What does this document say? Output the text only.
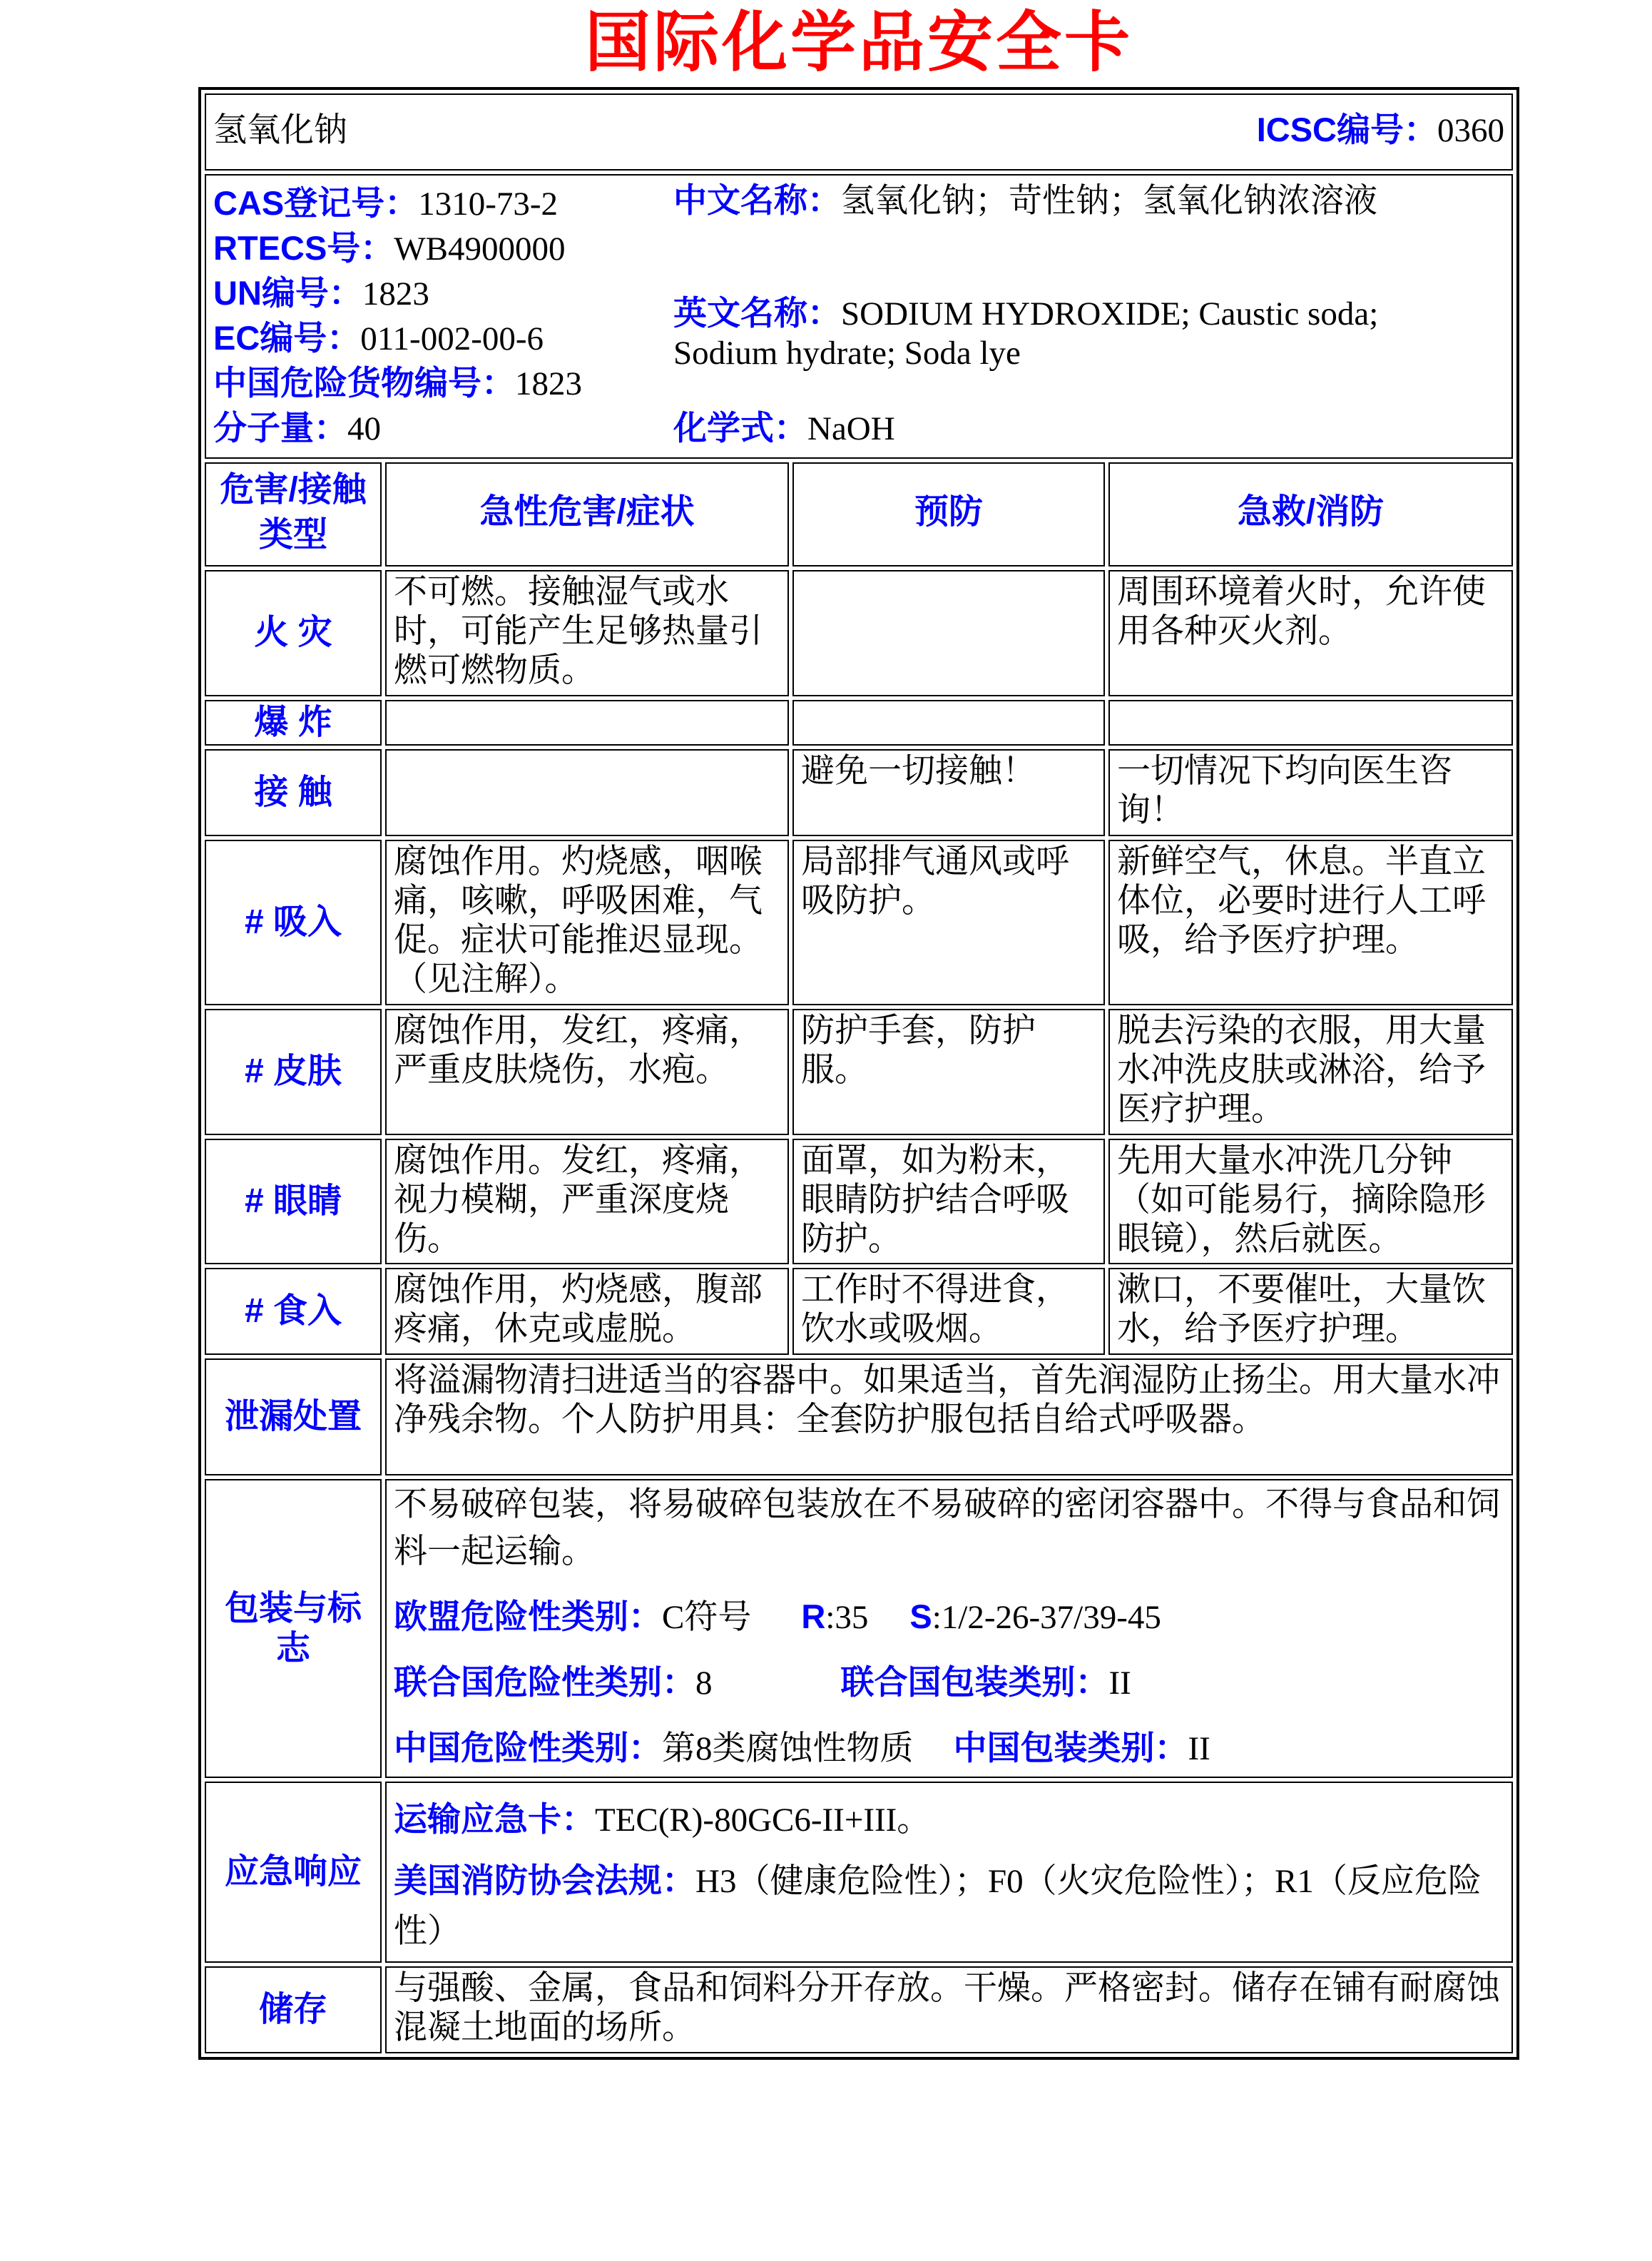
国际化学品安全卡
氢氧化钠 ICSC编号：0360			

CAS登记号：1310-73-2
RTECS号：WB4900000
UN编号：1823
EC编号：011-002-00-6
中国危险货物编号：1823
分子量：40
中文名称：氢氧化钠；苛性钠；氢氧化钠浓溶液
英文名称：SODIUM HYDROXIDE; Caustic soda; Sodium hydrate; Soda lye
化学式：NaOH

危害/接触
类型	急性危害/症状	预防	急救/消防
火 灾	不可燃。接触湿气或水时，可能产生足够热量引燃可燃物质。		周围环境着火时，允许使用各种灭火剂。
爆 炸			
接 触		避免一切接触！	一切情况下均向医生咨询！
# 吸入	腐蚀作用。灼烧感，咽喉痛，咳嗽，呼吸困难，气促。症状可能推迟显现。（见注解）。	局部排气通风或呼吸防护。	新鲜空气，休息。半直立体位，必要时进行人工呼吸，给予医疗护理。
# 皮肤	腐蚀作用，发红，疼痛，严重皮肤烧伤，水疱。	防护手套，防护服。	脱去污染的衣服，用大量水冲洗皮肤或淋浴，给予医疗护理。
# 眼睛	腐蚀作用。发红，疼痛，视力模糊，严重深度烧伤。	面罩，如为粉末，眼睛防护结合呼吸防护。	先用大量水冲洗几分钟（如可能易行，摘除隐形眼镜），然后就医。
# 食入	腐蚀作用，灼烧感，腹部疼痛，休克或虚脱。	工作时不得进食，饮水或吸烟。	漱口，不要催吐，大量饮水，给予医疗护理。
泄漏处置	将溢漏物清扫进适当的容器中。如果适当，首先润湿防止扬尘。用大量水冲净残余物。个人防护用具：全套防护服包括自给式呼吸器。		
包装与标志	不易破碎包装，将易破碎包装放在不易破碎的密闭容器中。不得与食品和饲料一起运输。
欧盟危险性类别：C符号 R:35 S:1/2-26-37/39-45
联合国危险性类别：8 联合国包装类别：II
中国危险性类别：第8类腐蚀性物质 中国包装类别：II		

应急响应	运输应急卡：TEC(R)-80GC6-II+III。
美国消防协会法规：H3（健康危险性）；F0（火灾危险性）；R1（反应危险性）		

储存	与强酸、金属，食品和饲料分开存放。干燥。严格密封。储存在铺有耐腐蚀混凝土地面的场所。		
